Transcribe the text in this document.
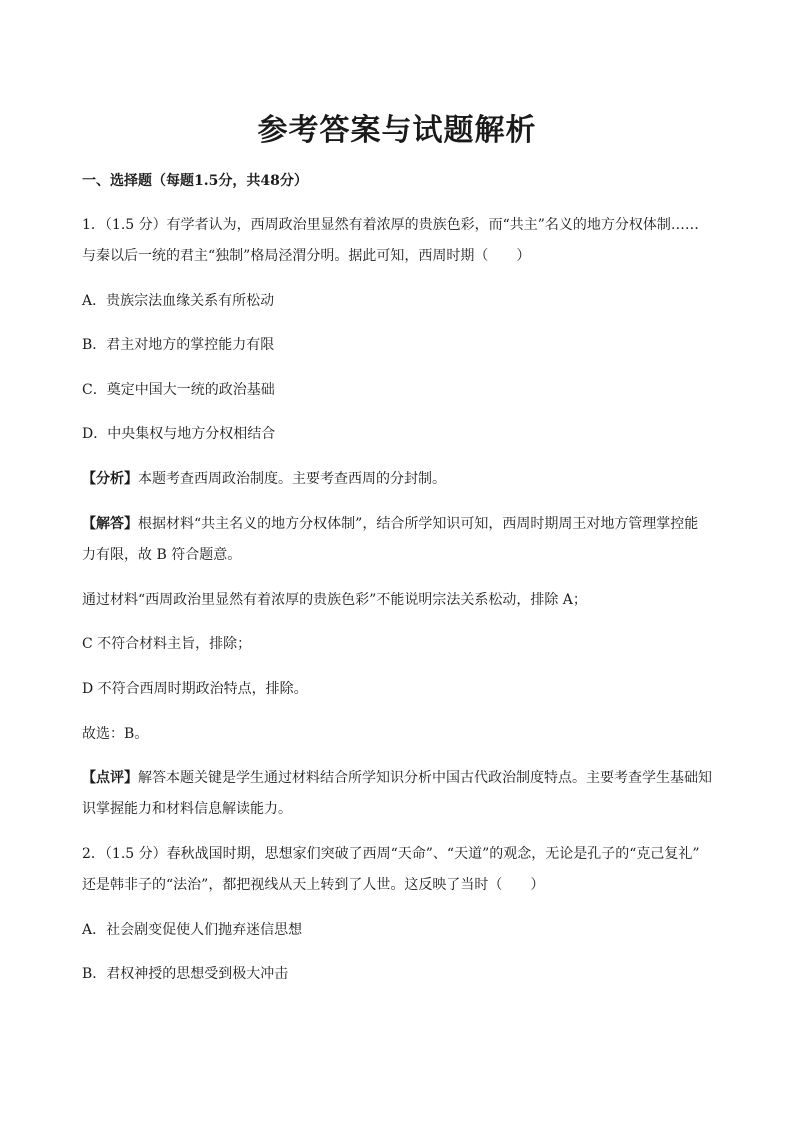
参考答案与试题解析
一、选择题（每题1.5分，共48分）
1．（1.5 分）有学者认为，西周政治里显然有着浓厚的贵族色彩，而“共主”名义的地方分权体制……
与秦以后一统的君主“独制”格局泾渭分明。据此可知，西周时期（　　）
A．贵族宗法血缘关系有所松动
B．君主对地方的掌控能力有限
C．奠定中国大一统的政治基础
D．中央集权与地方分权相结合
【分析】本题考查西周政治制度。主要考查西周的分封制。
【解答】根据材料“共主名义的地方分权体制”，结合所学知识可知，西周时期周王对地方管理掌控能
力有限，故 B 符合题意。
通过材料“西周政治里显然有着浓厚的贵族色彩”不能说明宗法关系松动，排除 A；
C 不符合材料主旨，排除；
D 不符合西周时期政治特点，排除。
故选：B。
【点评】解答本题关键是学生通过材料结合所学知识分析中国古代政治制度特点。主要考查学生基础知
识掌握能力和材料信息解读能力。
2．（1.5 分）春秋战国时期，思想家们突破了西周“天命”、“天道”的观念，无论是孔子的“克己复礼”
还是韩非子的“法治”，都把视线从天上转到了人世。这反映了当时（　　）
A．社会剧变促使人们抛弃迷信思想
B．君权神授的思想受到极大冲击
